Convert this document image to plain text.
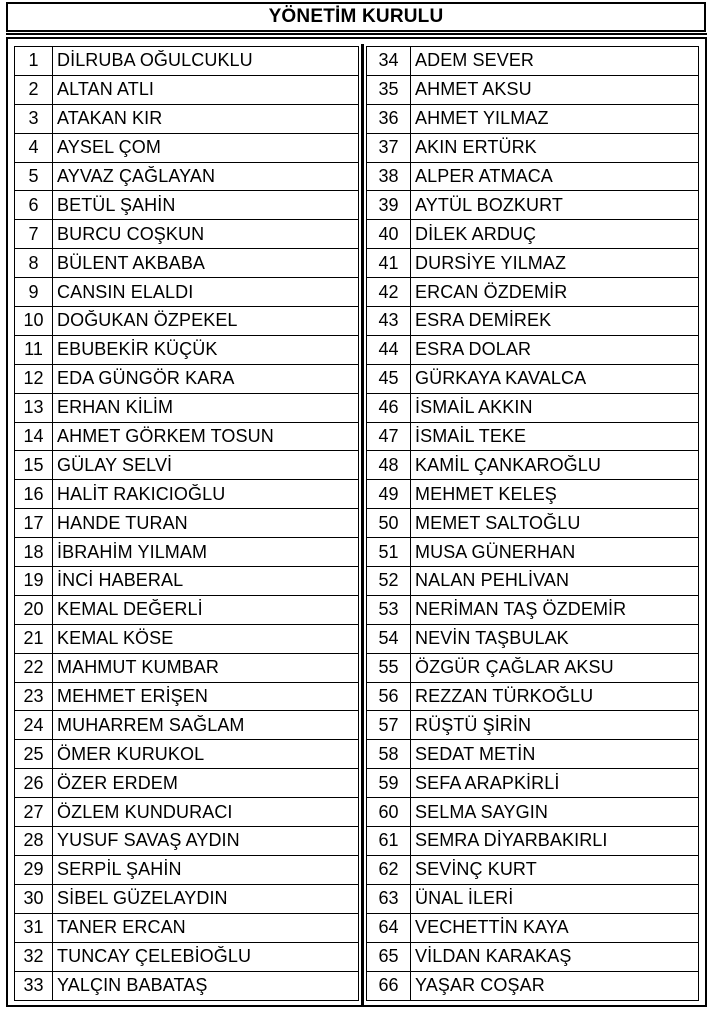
YÖNETİM KURULU
1	DİLRUBA OĞULCUKLU
2	ALTAN ATLI
3	ATAKAN KIR
4	AYSEL ÇOM
5	AYVAZ ÇAĞLAYAN
6	BETÜL ŞAHİN
7	BURCU COŞKUN
8	BÜLENT AKBABA
9	CANSIN ELALDI
10 DOĞUKAN ÖZPEKEL
11 EBUBEKİR KÜÇÜK
12 EDA GÜNGÖR KARA
13 ERHAN KİLİM
14 AHMET GÖRKEM TOSUN
15 GÜLAY SELVİ
16 HALİT RAKICIOĞLU
17 HANDE TURAN
18 İBRAHİM YILMAM
19 İNCİ HABERAL
20 KEMAL DEĞERLİ
21 KEMAL KÖSE
22 MAHMUT KUMBAR
23 MEHMET ERİŞEN
24 MUHARREM SAĞLAM
25 ÖMER KURUKOL
26 ÖZER ERDEM
27 ÖZLEM KUNDURACI
28 YUSUF SAVAŞ AYDIN
29 SERPİL ŞAHİN
30 SİBEL GÜZELAYDIN
31 TANER ERCAN
32 TUNCAY ÇELEBİOĞLU
33 YALÇIN BABATAŞ
34 ADEM SEVER
35 AHMET AKSU
36 AHMET YILMAZ
37 AKIN ERTÜRK
38 ALPER ATMACA
39 AYTÜL BOZKURT
40 DİLEK ARDUÇ
41 DURSİYE YILMAZ
42 ERCAN ÖZDEMİR
43 ESRA DEMİREK
44 ESRA DOLAR
45 GÜRKAYA KAVALCA
46 İSMAİL AKKIN
47 İSMAİL TEKE
48 KAMİL ÇANKAROĞLU
49 MEHMET KELEŞ
50 MEMET SALTOĞLU
51 MUSA GÜNERHAN
52 NALAN PEHLİVAN
53 NERİMAN TAŞ ÖZDEMİR
54 NEVİN TAŞBULAK
55 ÖZGÜR ÇAĞLAR AKSU
56 REZZAN TÜRKOĞLU
57 RÜŞTÜ ŞİRİN
58 SEDAT METİN
59 SEFA ARAPKİRLİ
60 SELMA SAYGIN
61 SEMRA DİYARBAKIRLI
62 SEVİNÇ KURT
63 ÜNAL İLERİ
64 VECHETTİN KAYA
65 VİLDAN KARAKAŞ
66 YAŞAR COŞAR
